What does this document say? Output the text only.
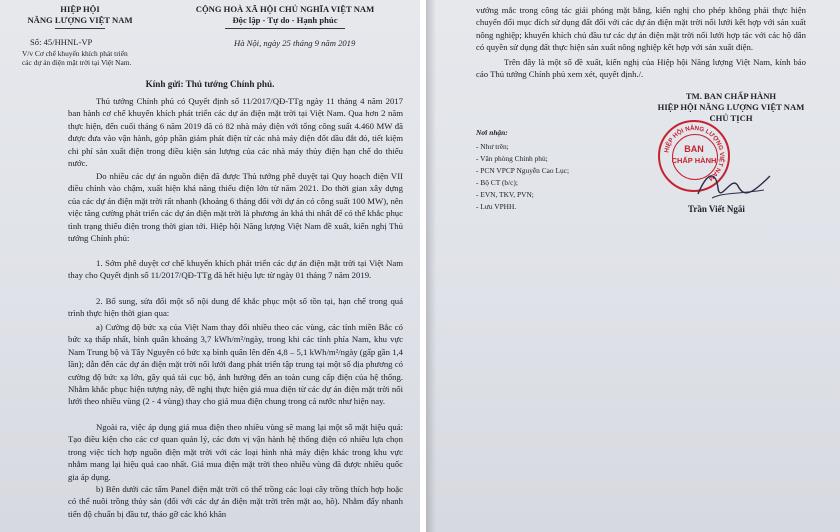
HIỆP HỘI
NĂNG LƯỢNG VIỆT NAM
CỘNG HOÀ XÃ HỘI CHỦ NGHĨA VIỆT NAM
Độc lập - Tự do - Hạnh phúc
Số: 45/HHNL-VP
V/v Cơ chế khuyến khích phát triển
các dự án điện mặt trời tại Việt Nam.
Hà Nội, ngày 25 tháng 9 năm 2019
Kính gửi: Thủ tướng Chính phủ.
Thủ tướng Chính phủ có Quyết định số 11/2017/QĐ-TTg ngày 11 tháng 4 năm 2017 ban hành cơ chế khuyến khích phát triển các dự án điện mặt trời tại Việt Nam. Qua hơn 2 năm thực hiện, đến cuối tháng 6 năm 2019 đã có 82 nhà máy điện với tổng công suất 4.460 MW đã được đưa vào vận hành, góp phần giảm phát điện từ các nhà máy điện đốt dầu đắt đỏ, tiết kiệm chi phí sản xuất điện trong điều kiện sản lượng của các nhà máy thủy điện hạn chế do thiếu nước.
Do nhiều các dự án nguồn điện đã được Thủ tướng phê duyệt tại Quy hoạch điện VII điều chỉnh vào chậm, xuất hiện khả năng thiếu điện lớn từ năm 2021. Do thời gian xây dựng của các dự án điện mặt trời rất nhanh (khoảng 6 tháng đối với dự án có công suất 100 MW), nên việc tăng cường phát triển các dự án điện mặt trời là phương án khả thi nhất để có thể khắc phục tình trạng thiếu điện trong thời gian tới. Hiệp hội Năng lượng Việt Nam đề xuất, kiến nghị Thủ tướng Chính phủ:
1. Sớm phê duyệt cơ chế khuyến khích phát triển các dự án điện mặt trời tại Việt Nam thay cho Quyết định số 11/2017/QĐ-TTg đã hết hiệu lực từ ngày 01 tháng 7 năm 2019.
2. Bổ sung, sửa đổi một số nội dung để khắc phục một số tồn tại, hạn chế trong quá trình thực hiện thời gian qua:
a) Cường độ bức xạ của Việt Nam thay đổi nhiều theo các vùng, các tỉnh miền Bắc có bức xạ thấp nhất, bình quân khoảng 3,7 kWh/m²/ngày, trong khi các tỉnh phía Nam, khu vực Nam Trung bộ và Tây Nguyên có bức xạ bình quân lên đến 4,8 – 5,1 kWh/m²/ngày (gấp gần 1,4 lần); dẫn đến các dự án điện mặt trời nối lưới đang phát triển tập trung tại một số địa phương có cường độ bức xạ lớn, gây quá tải cục bộ, ảnh hưởng đến an toàn cung cấp điện của hệ thống. Nhằm khắc phục hiện tượng này, đề nghị thực hiện giá mua điện từ các dự án điện mặt trời nối lưới theo nhiều vùng (2 - 4 vùng) thay cho giá mua điện chung trong cả nước như hiện nay.
Ngoài ra, việc áp dụng giá mua điện theo nhiều vùng sẽ mang lại một số mặt hiệu quả: Tạo điều kiện cho các cơ quan quản lý, các đơn vị vận hành hệ thống điện có nhiều lựa chọn trong việc tích hợp nguồn điện mặt trời với các loại hình nhà máy điện khác trong khu vực nhằm mang lại hiệu quả cao nhất. Giá mua điện mặt trời theo nhiều vùng đã được nhiều quốc gia áp dụng.
b) Bên dưới các tấm Panel điện mặt trời có thể trồng các loại cây trồng thích hợp hoặc có thể nuôi trồng thủy sản (đối với các dự án điện mặt trời trên mặt ao, hồ). Nhằm đẩy nhanh tiến độ chuẩn bị đầu tư, tháo gỡ các khó khăn
vướng mắc trong công tác giải phóng mặt bằng, kiến nghị cho phép không phải thực hiện chuyển đổi mục đích sử dụng đất đối với các dự án điện mặt trời nối lưới kết hợp với sản xuất nông nghiệp; khuyến khích chủ đầu tư các dự án điện mặt trời nối lưới hợp tác với các hộ dân có quyền sử dụng đất thực hiện sản xuất nông nghiệp kết hợp với sản xuất điện.
Trên đây là một số đề xuất, kiến nghị của Hiệp hội Năng lượng Việt Nam, kính báo cáo Thủ tướng Chính phủ xem xét, quyết định./.
TM. BAN CHẤP HÀNH
HIỆP HỘI NĂNG LƯỢNG VIỆT NAM
CHỦ TỊCH
Nơi nhận:
- Như trên;
- Văn phòng Chính phủ;
- PCN VPCP Nguyễn Cao Lục;
- Bộ CT (b/c);
- EVN, TKV, PVN;
- Lưu VPHH.
HIỆP HỘI NĂNG LƯỢNG VIỆT NAM
BAN
CHẤP HÀNH
Trần Viết Ngãi
